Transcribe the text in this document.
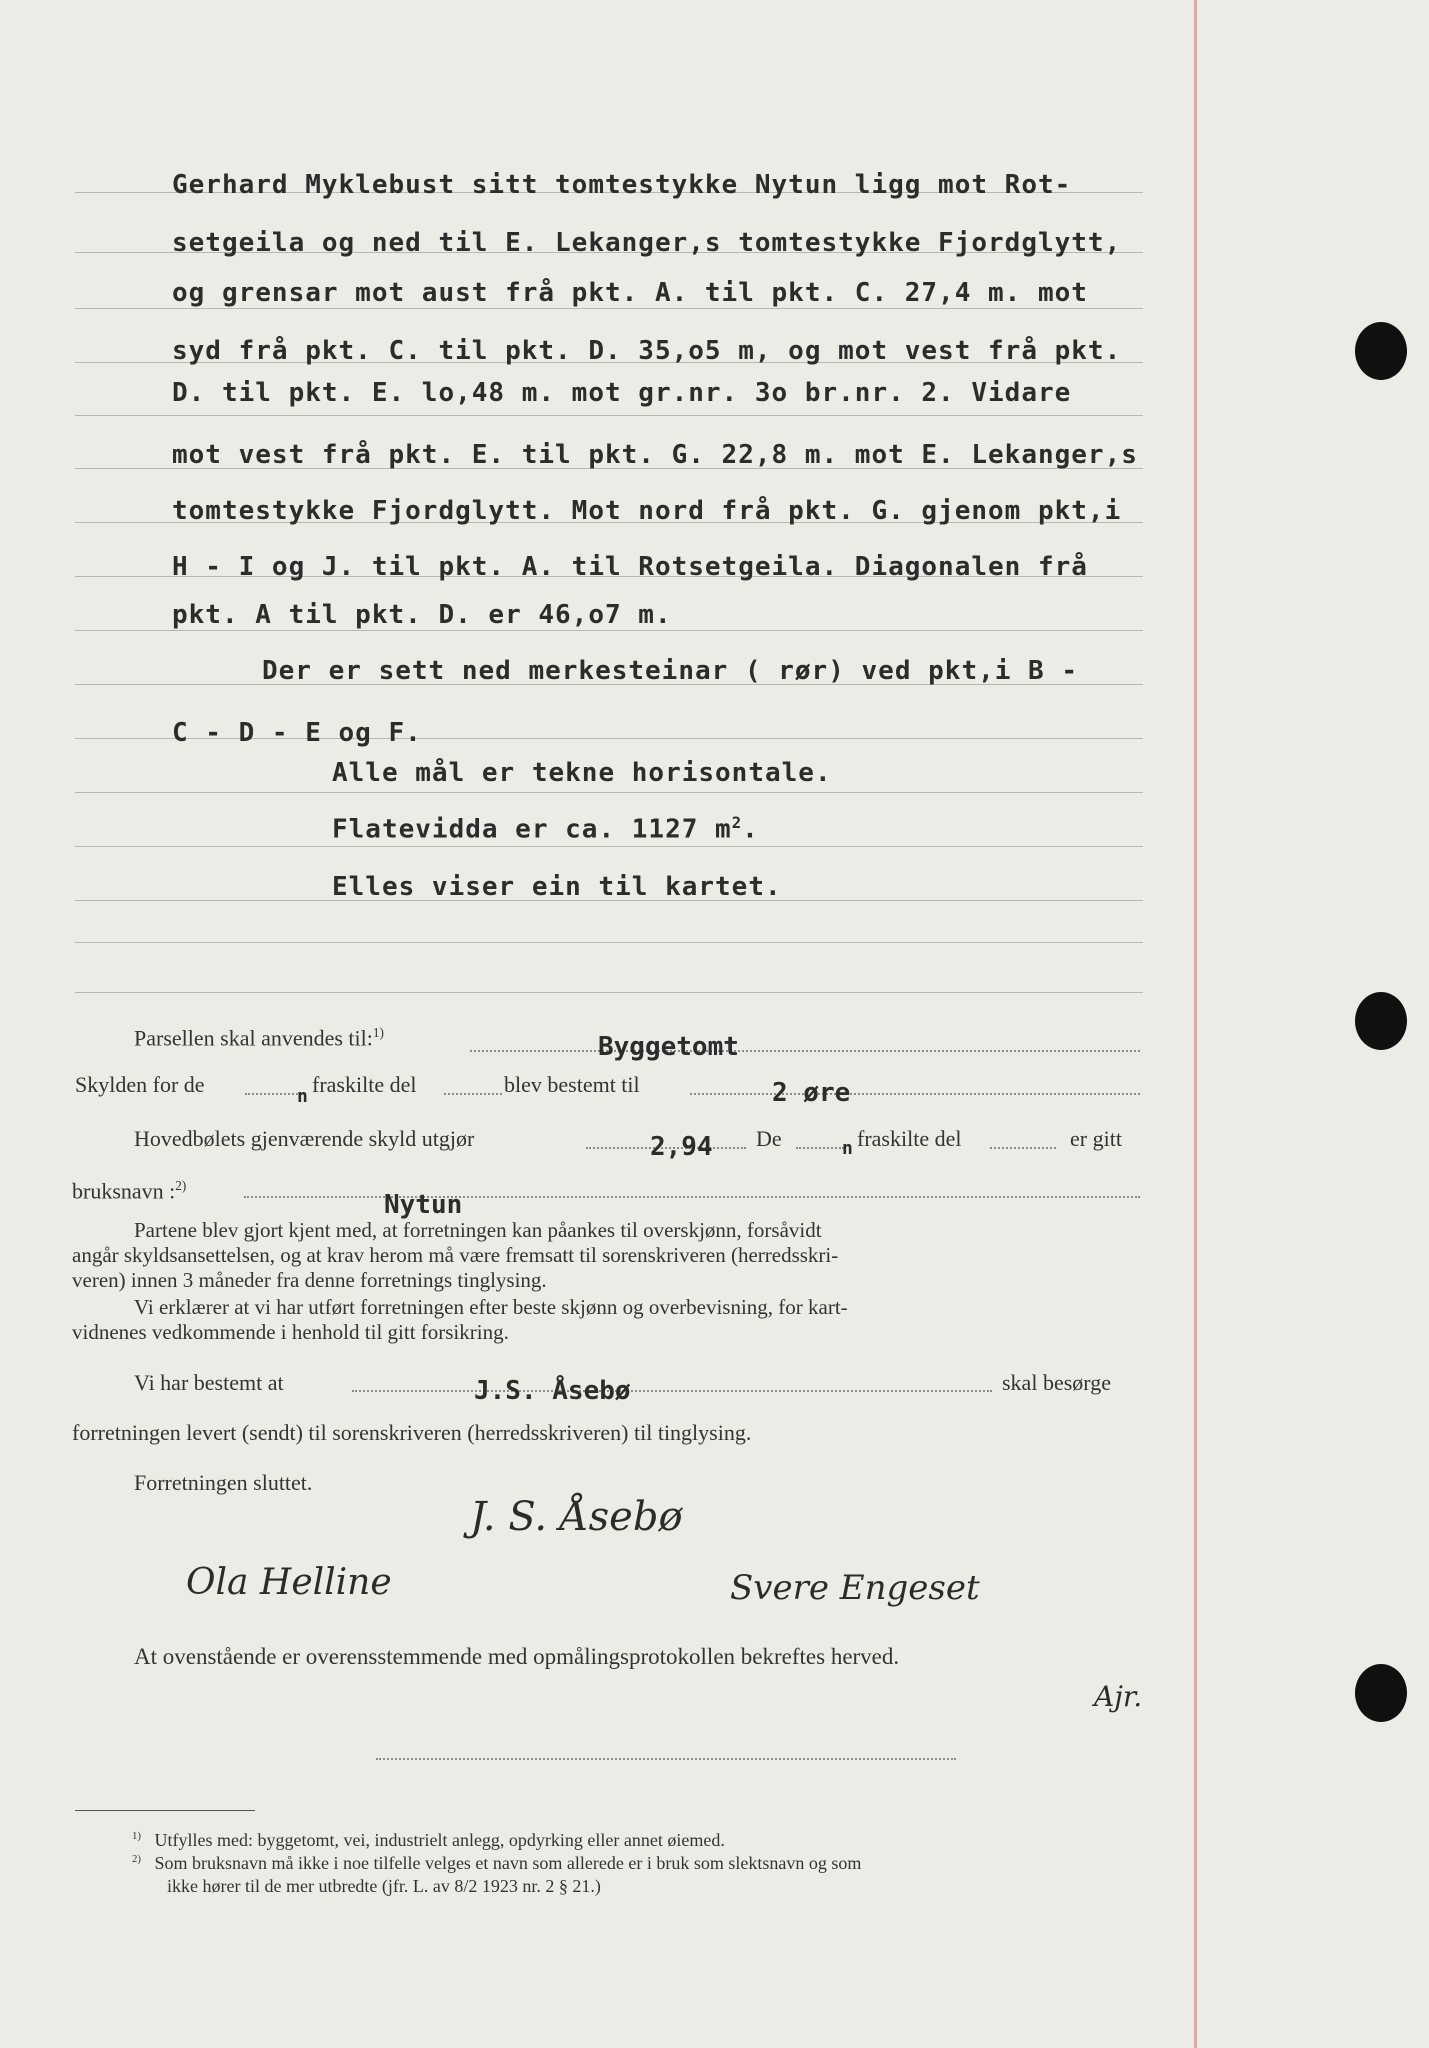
Gerhard Myklebust sitt tomtestykke Nytun ligg mot Rot-
setgeila og ned til E. Lekanger,s tomtestykke Fjordglytt,
og grensar mot aust frå pkt. A. til pkt. C. 27,4 m. mot
syd frå pkt. C. til pkt. D. 35,o5 m, og mot vest frå pkt.
D. til pkt. E. lo,48 m. mot gr.nr. 3o br.nr. 2. Vidare
mot vest frå pkt. E. til pkt. G. 22,8 m. mot E. Lekanger,s
tomtestykke Fjordglytt. Mot nord frå pkt. G. gjenom pkt,i
H - I og J. til pkt. A. til Rotsetgeila. Diagonalen frå
pkt. A til pkt. D. er 46,o7 m.
Der er sett ned merkesteinar ( rør) ved pkt,i B -
C - D - E og F.
Alle mål er tekne horisontale.
Flatevidda er ca. 1127 $m^2$.
Elles viser ein til kartet.
Parsellen skal anvendes til:$^{1)}$	Byggetomt
Skylden for de	n fraskilte del	blev bestemt til	2 øre
Hovedbølets gjenværende skyld utgjør	2,94 De	n fraskilte del	er gitt
bruksnavn :$^{2)}$
Nytun
Partene blev gjort kjent med, at forretningen kan påankes til overskjønn, forsåvidt
angår skyldsansettelsen, og at krav herom må være fremsatt til sorenskriveren (herredsskri-
veren) innen 3 måneder fra denne forretnings tinglysing.
Vi erklærer at vi har utført forretningen efter beste skjønn og overbevisning, for kart-
vidnenes vedkommende i henhold til gitt forsikring.
Vi har bestemt at	J.S. Åsebø	skal besørge
forretningen levert (sendt) til sorenskriveren (herredsskriveren) til tinglysing.
Forretningen sluttet.
J. S. Åsebø
Ola Helline	Svere Engeset
At ovenstående er overensstemmende med opmålingsprotokollen bekreftes herved.
Ajr.
$^{1)}$ Utfylles med: byggetomt, vei, industrielt anlegg, opdyrking eller annet øiemed.
$^{2)}$ Som bruksnavn må ikke i noe tilfelle velges et navn som allerede er i bruk som slektsnavn og som
ikke hører til de mer utbredte (jfr. L. av 8/2 1923 nr. 2 § 21.)
